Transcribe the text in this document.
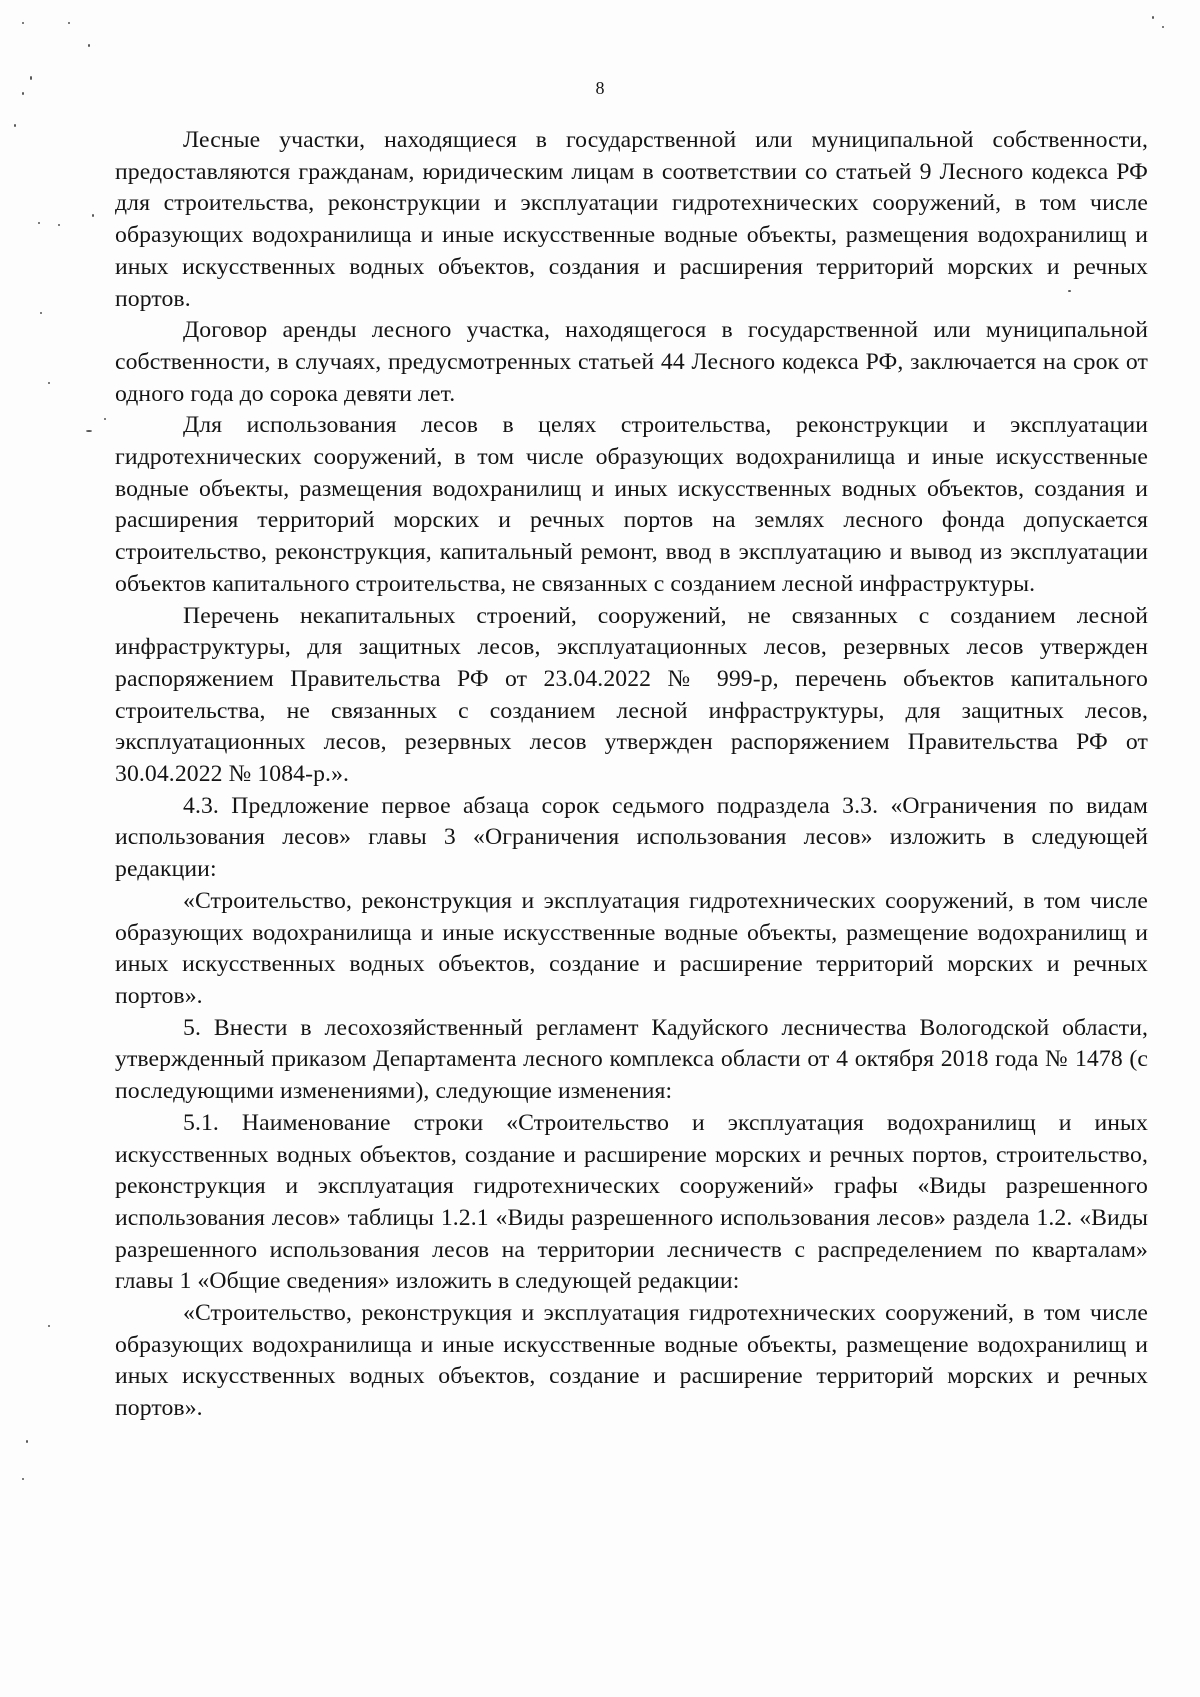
8

Лесные участки, находящиеся в государственной или муниципальной собственности, предоставляются гражданам, юридическим лицам в соответствии со статьей 9 Лесного кодекса РФ для строительства, реконструкции и эксплуатации гидротехнических сооружений, в том числе образующих водохранилища и иные искусственные водные объекты, размещения водохранилищ и иных искусственных водных объектов, создания и расширения территорий морских и речных портов.

Договор аренды лесного участка, находящегося в государственной или муниципальной собственности, в случаях, предусмотренных статьей 44 Лесного кодекса РФ, заключается на срок от одного года до сорока девяти лет.

Для использования лесов в целях строительства, реконструкции и эксплуатации гидротехнических сооружений, в том числе образующих водохранилища и иные искусственные водные объекты, размещения водохранилищ и иных искусственных водных объектов, создания и расширения территорий морских и речных портов на землях лесного фонда допускается строительство, реконструкция, капитальный ремонт, ввод в эксплуатацию и вывод из эксплуатации объектов капитального строительства, не связанных с созданием лесной инфраструктуры.

Перечень некапитальных строений, сооружений, не связанных с созданием лесной инфраструктуры, для защитных лесов, эксплуатационных лесов, резервных лесов утвержден распоряжением Правительства РФ от 23.04.2022 № 999-р, перечень объектов капитального строительства, не связанных с созданием лесной инфраструктуры, для защитных лесов, эксплуатационных лесов, резервных лесов утвержден распоряжением Правительства РФ от 30.04.2022 № 1084-р.».

4.3. Предложение первое абзаца сорок седьмого подраздела 3.3. «Ограничения по видам использования лесов» главы 3 «Ограничения использования лесов» изложить в следующей редакции:

«Строительство, реконструкция и эксплуатация гидротехнических сооружений, в том числе образующих водохранилища и иные искусственные водные объекты, размещение водохранилищ и иных искусственных водных объектов, создание и расширение территорий морских и речных портов».

5. Внести в лесохозяйственный регламент Кадуйского лесничества Вологодской области, утвержденный приказом Департамента лесного комплекса области от 4 октября 2018 года № 1478 (с последующими изменениями), следующие изменения:

5.1. Наименование строки «Строительство и эксплуатация водохранилищ и иных искусственных водных объектов, создание и расширение морских и речных портов, строительство, реконструкция и эксплуатация гидротехнических сооружений» графы «Виды разрешенного использования лесов» таблицы 1.2.1 «Виды разрешенного использования лесов» раздела 1.2. «Виды разрешенного использования лесов на территории лесничеств с распределением по кварталам» главы 1 «Общие сведения» изложить в следующей редакции:

«Строительство, реконструкция и эксплуатация гидротехнических сооружений, в том числе образующих водохранилища и иные искусственные водные объекты, размещение водохранилищ и иных искусственных водных объектов, создание и расширение территорий морских и речных портов».
